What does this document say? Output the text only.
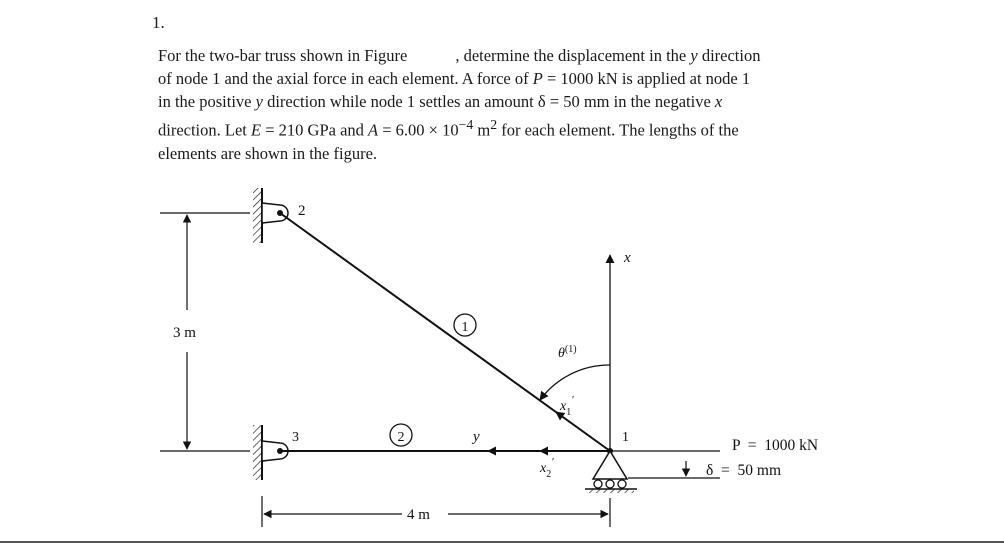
1.
For the two-bar truss shown in Figure	, determine the displacement in the y direction
of node 1 and the axial force in each element. A force of P = 1000 kN is applied at node 1
in the positive y direction while node 1 settles an amount δ = 50 mm in the negative x
direction. Let E = 210 GPa and $A = 6.00 \times 10^{-4}$ $m^2$ for each element. The lengths of the
elements are shown in the figure.
3 m
2
3
1
2
x
y
$x_1'$
$x_2'$
$\theta^{(1)}$
1	P  =  1000 kN
δ  =  50 mm
4 m
